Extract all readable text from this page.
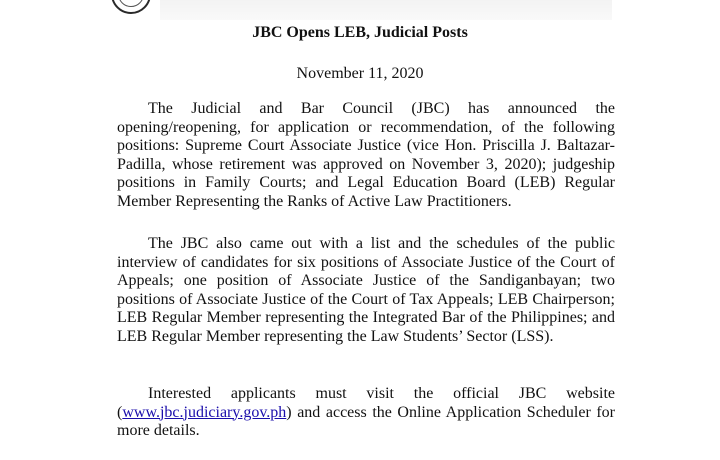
JBC Opens LEB, Judicial Posts
November 11, 2020

The Judicial and Bar Council (JBC) has announced the opening/reopening, for application or recommendation, of the following positions: Supreme Court Associate Justice (vice Hon. Priscilla J. Baltazar-Padilla, whose retirement was approved on November 3, 2020); judgeship positions in Family Courts; and Legal Education Board (LEB) Regular Member Representing the Ranks of Active Law Practitioners.

The JBC also came out with a list and the schedules of the public interview of candidates for six positions of Associate Justice of the Court of Appeals; one position of Associate Justice of the Sandiganbayan; two positions of Associate Justice of the Court of Tax Appeals; LEB Chairperson; LEB Regular Member representing the Integrated Bar of the Philippines; and LEB Regular Member representing the Law Students’ Sector (LSS).

Interested applicants must visit the official JBC website (www.jbc.judiciary.gov.ph) and access the Online Application Scheduler for more details.
